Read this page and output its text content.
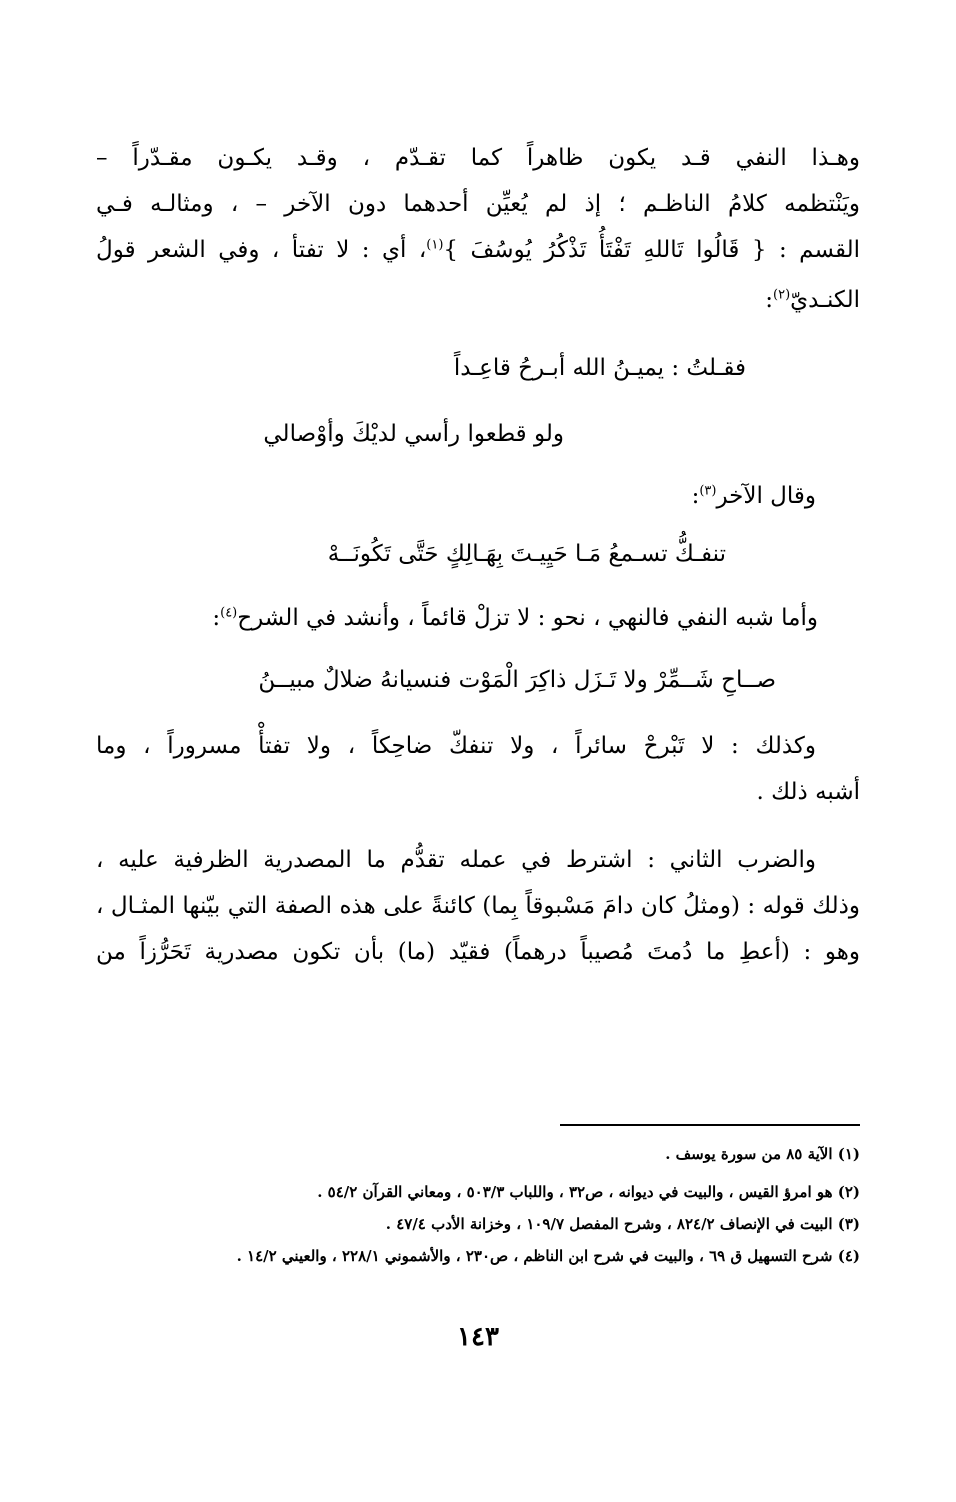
وهـذا النفي قـد يكون ظاهراً كما تقـدّم ، وقـد يكـون مقـدّراً –

ويَنْتظمه كلامُ الناظـم ؛ إذ لم يُعيِّن أحدهما دون الآخر – ، ومثالـه فـي

القسم : { قَالُوا تَاللهِ تَفْتَأُ تَذْكُرُ يُوسُفَ }$^{(١)}$، أي : لا تفتأ ، وفي الشعر قولُ

الكنـديّ$^{(٢)}$:

فقـلتُ : يميـنُ الله أبـرحُ قاعِـداً

ولو قطعوا رأسي لديْكَ وأوْصالي

وقال الآخر$^{(٣)}$:

تنفـكُّ تسـمعُ مَـا حَيِيـتَ بِهَـالِكٍ حَتَّى تَكُونَــهْ

وأما شبه النفي فالنهي ، نحو : لا تزلْ قائماً ، وأنشد في الشرح$^{(٤)}$:

صــاحِ شَــمِّرْ ولا تَـزَل ذاكِرَ الْمَوْت فنسيانهُ ضلالٌ مبيــنُ

وكذلك : لا تَبْرحْ سائراً ، ولا تنفكّ ضاحِكاً ، ولا تفتأْ مسروراً ، وما

أشبه ذلك .

والضرب الثاني : اشترط في عمله تقدُّم ما المصدرية الظرفية عليه ،

وذلك قوله : (ومثلُ كان دامَ مَسْبوقاً بِما) كائنةً على هذه الصفة التي بيّنها المثـال ،

وهو : (أعطِ ما دُمتَ مُصيباً درهماً) فقيّد (ما) بأن تكون مصدرية تَحَرُّزاً من

(١) الآية ٨٥ من سورة يوسف .

(٢) هو امرؤ القيس ، والبيت في ديوانه ، ص٣٢ ، واللباب ٥٠٣/٣ ، ومعاني القرآن ٥٤/٢ .

(٣) البيت في الإنصاف ٨٢٤/٢ ، وشرح المفصل ١٠٩/٧ ، وخزانة الأدب ٤٧/٤ .

(٤) شرح التسهيل ق ٦٩ ، والبيت في شرح ابن الناظم ، ص٢٣٠ ، والأشموني ٢٢٨/١ ، والعيني ١٤/٢ .

١٤٣
